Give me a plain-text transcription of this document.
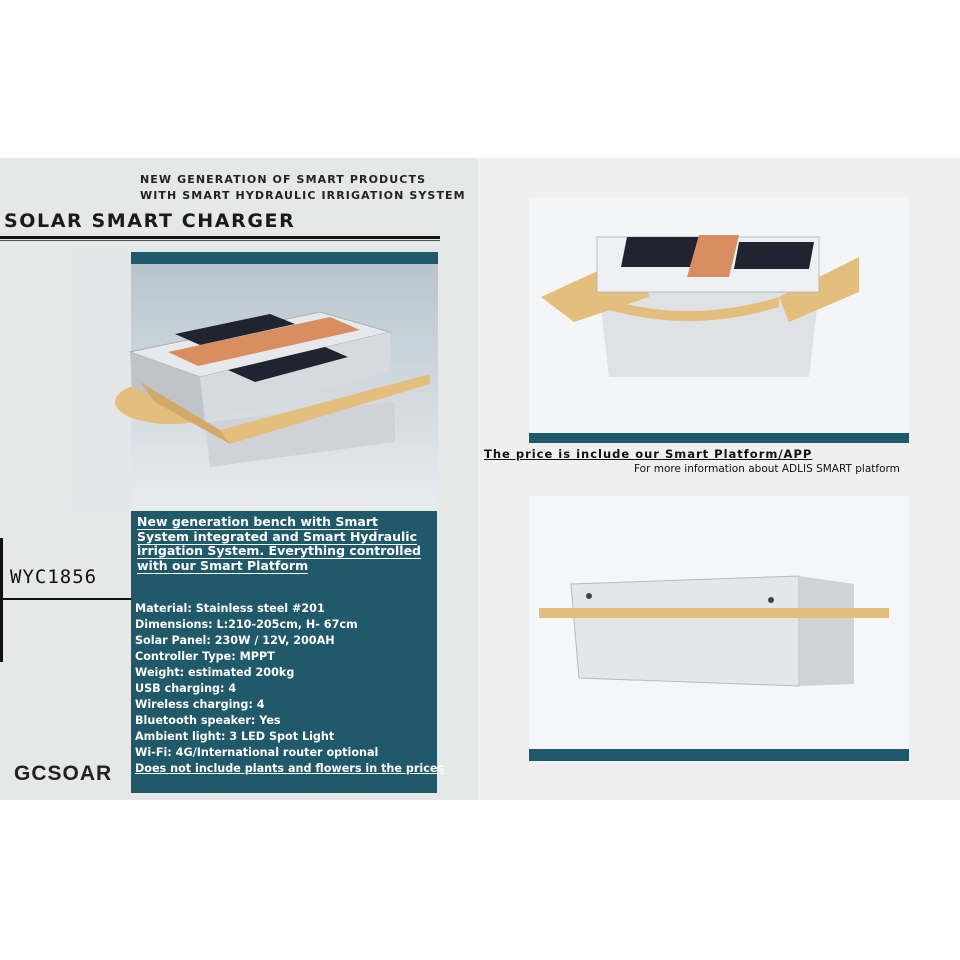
NEW GENERATION OF SMART PRODUCTS
WITH SMART HYDRAULIC IRRIGATION SYSTEM
SOLAR SMART CHARGER
New generation bench with Smart
System integrated and Smart Hydraulic
irrigation System. Everything controlled
with our Smart Platform
Material: Stainless steel #201
Dimensions: L:210-205cm, H- 67cm
Solar Panel: 230W / 12V, 200AH
Controller Type: MPPT
Weight: estimated 200kg
USB charging: 4
Wireless charging: 4
Bluetooth speaker: Yes
Ambient light: 3 LED Spot Light
Wi-Fi: 4G/International router optional
Does not include plants and flowers in the prices
WYC1856
GCSOAR
The price is include our Smart Platform/APP
For more information about ADLIS SMART platform
